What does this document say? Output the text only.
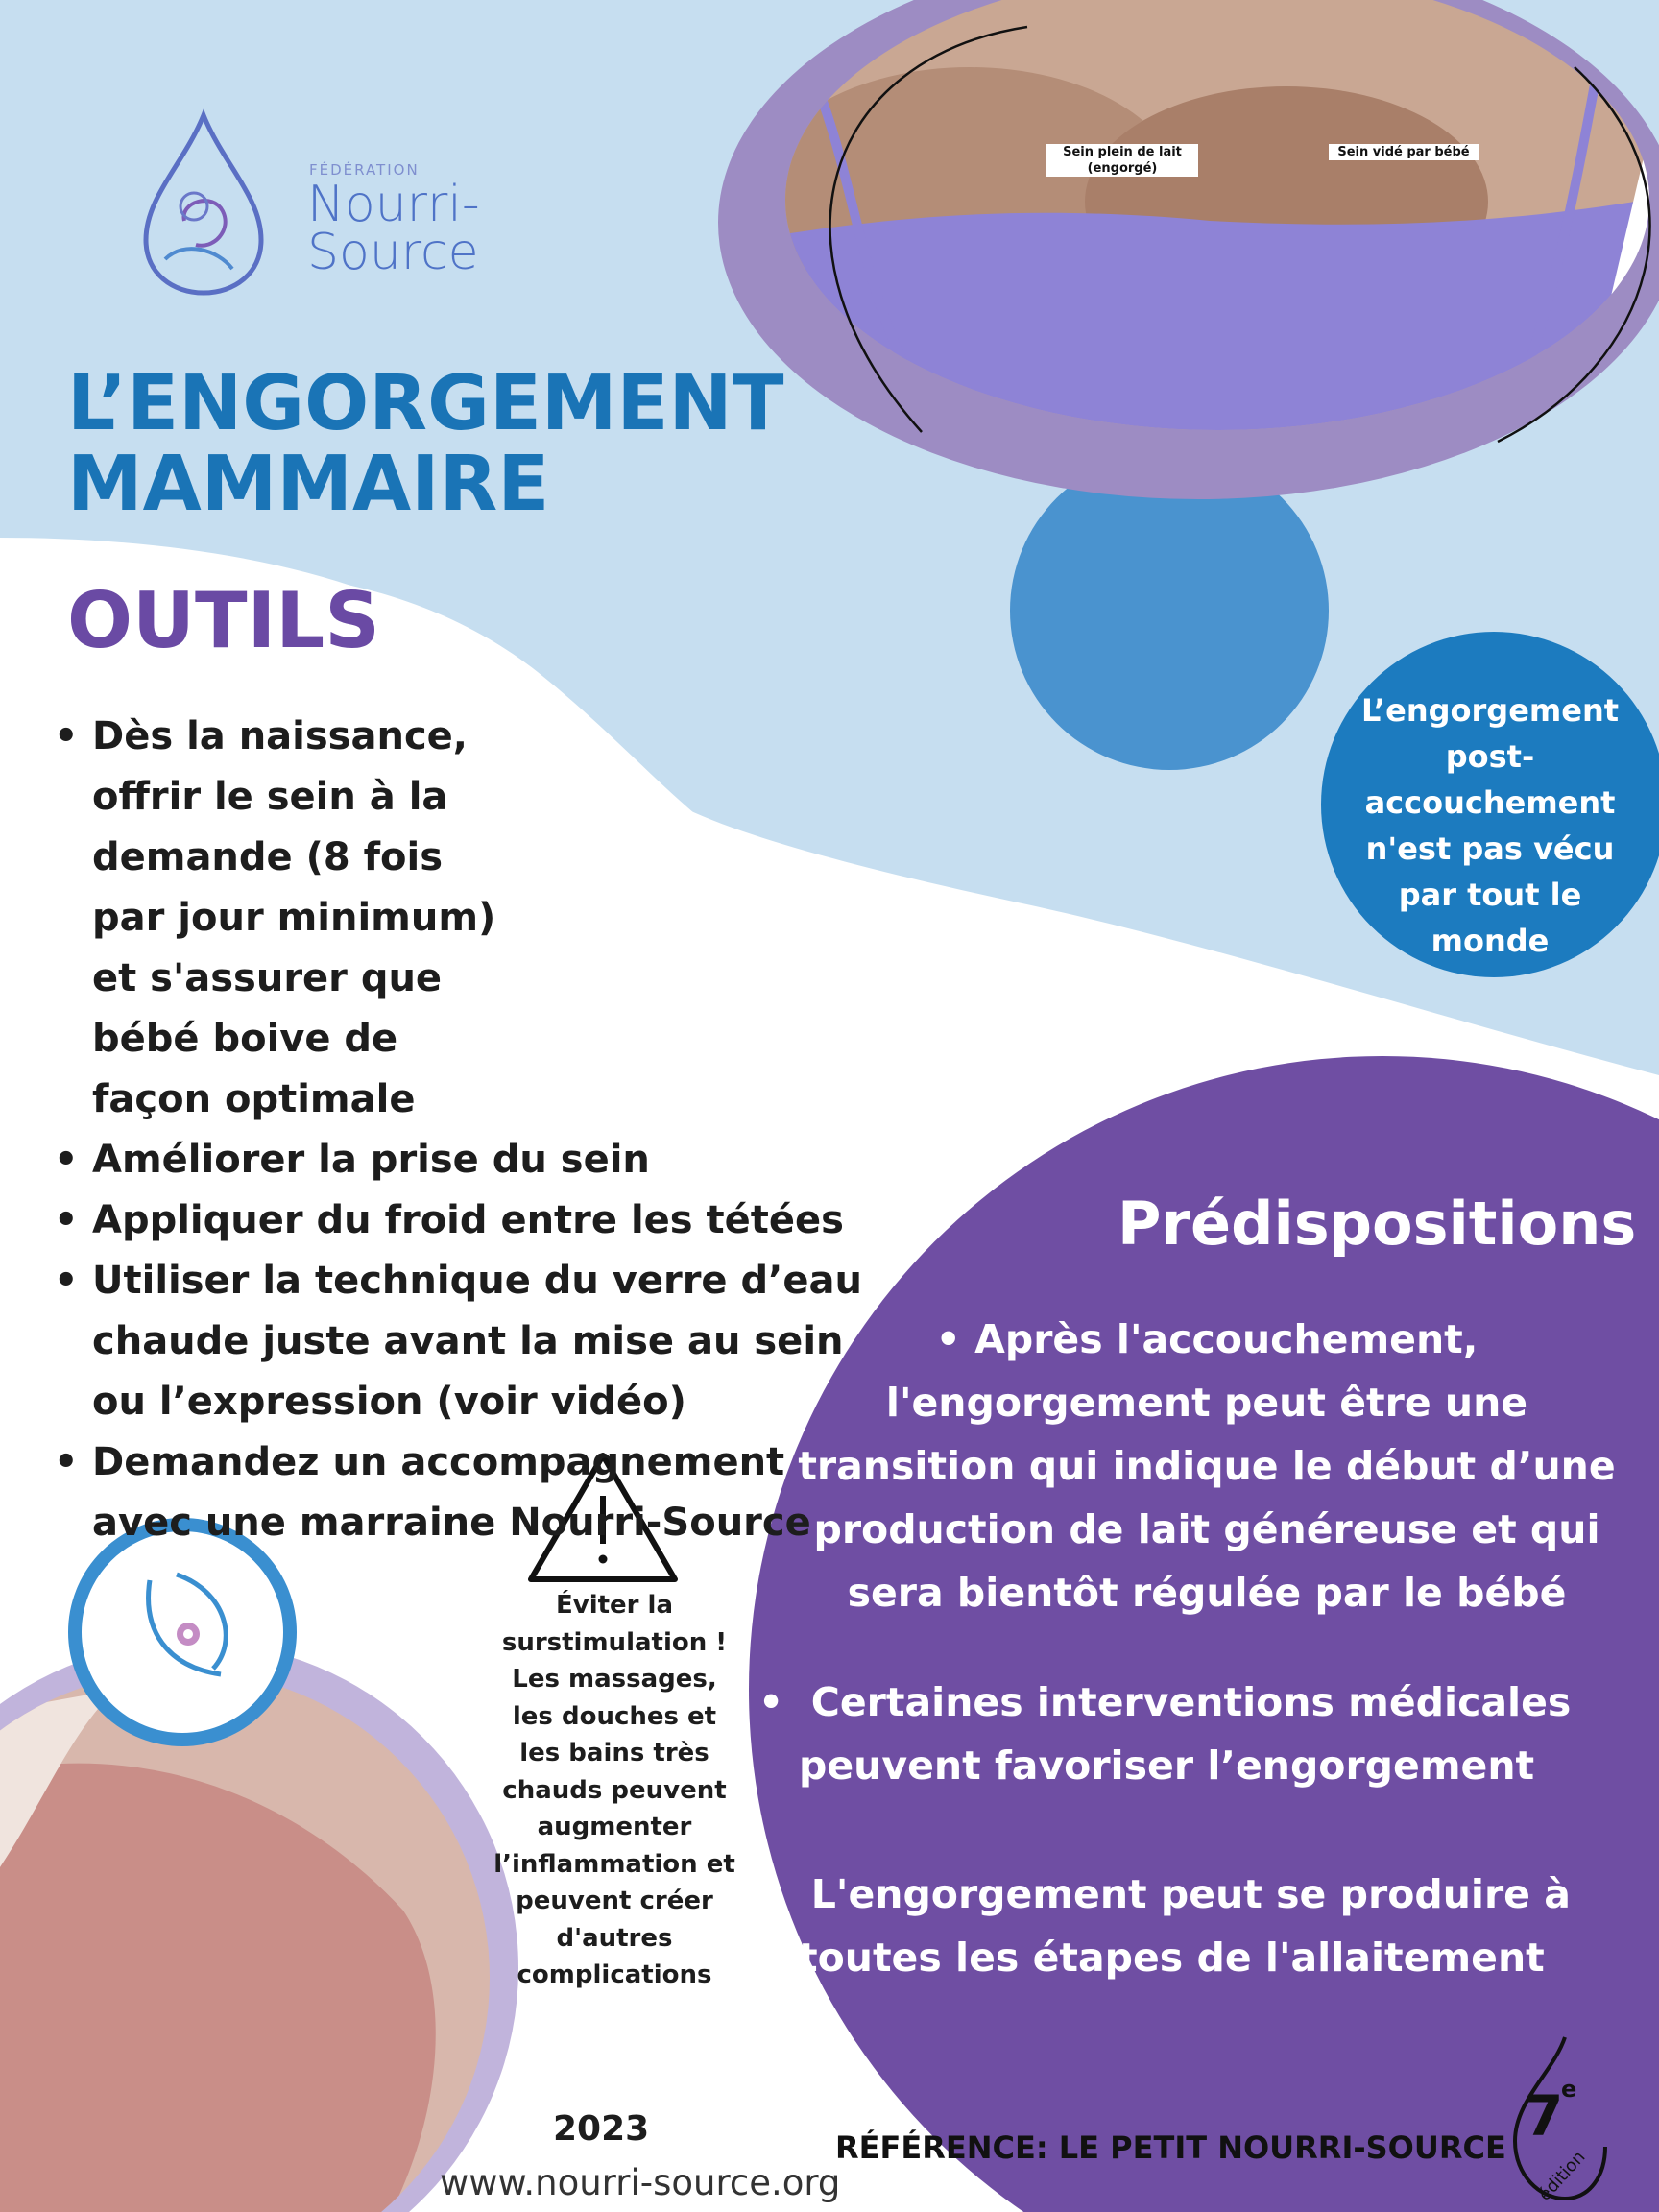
FÉDÉRATION
Nourri-
Source
L’ENGORGEMENT
MAMMAIRE
Sein plein de lait (engorgé)
Sein vidé par bébé
L’engorgement post-accouchement n'est pas vécu par tout le monde
OUTILS
• Dès la naissance, offrir le sein à la demande (8 fois par jour minimum) et s'assurer que bébé boive de façon optimale
• Améliorer la prise du sein
• Appliquer du froid entre les tétées
• Utiliser la technique du verre d’eau chaude juste avant la mise au sein ou l’expression (voir vidéo)
• Demandez un accompagnement avec une marraine Nourri-Source
Prédispositions
• Après l'accouchement, l'engorgement peut être une transition qui indique le début d’une production de lait généreuse et qui sera bientôt régulée par le bébé
•  Certaines interventions médicales peuvent favoriser l’engorgement
•  L'engorgement peut se produire à toutes les étapes de l'allaitement
Éviter la surstimulation ! Les massages, les douches et les bains très chauds peuvent augmenter l’inflammation et peuvent créer d'autres complications
2023
www.nourri-source.org
RÉFÉRENCE: LE PETIT NOURRI-SOURCE 7
e
édition
